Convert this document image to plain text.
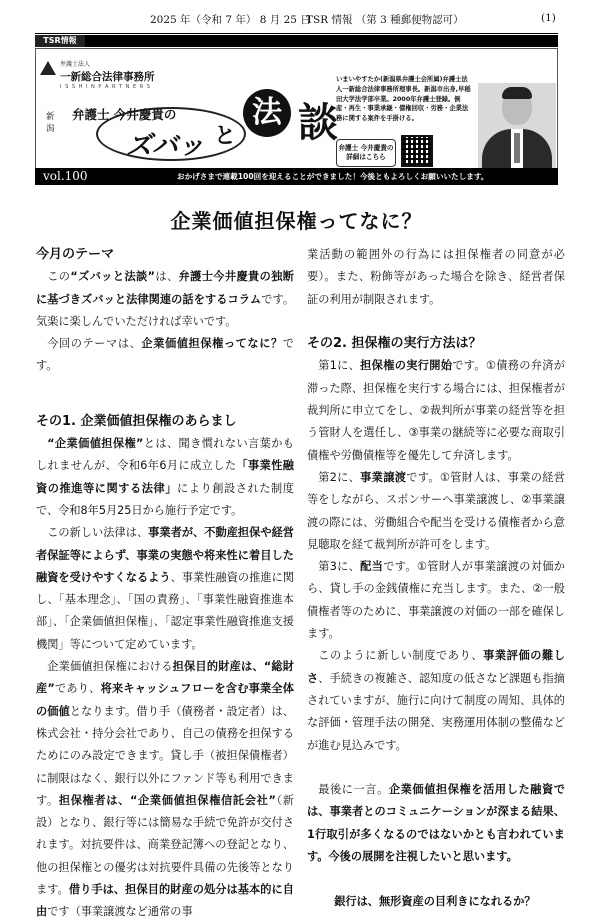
2025 年（令和 7 年） 8 月 25 日
TSR 情報 （第 3 種郵便物認可）	(1)
TSR情報
弁護士法人
一新総合法律事務所
I S S H I N P A R T N E R S
新潟
弁護士 今井慶貴の
ズバッ と
法 談
いまいやすたか(新潟県弁護士会所属)弁護士法人一新総合法律事務所理事長。新潟市出身,早稲田大学法学部卒業。2000年弁護士登録。倒産・再生・事業承継・債権回収・労務・企業法務に関する案件を手掛ける。
弁護士 今井慶貴の 詳細はこちら
vol.100	おかげさまで連載100回を迎えることができました！今後ともよろしくお願いいたします。
企業価値担保権ってなに？
今月のテーマ

この“ズバッと法談”は、弁護士今井慶貴の独断に基づきズバッと法律関連の話をするコラムです。気楽に楽しんでいただければ幸いです。

今回のテーマは、企業価値担保権ってなに？です。

その1. 企業価値担保権のあらまし

“企業価値担保権”とは、聞き慣れない言葉かもしれませんが、令和6年6月に成立した「事業性融資の推進等に関する法律」により創設された制度で、令和8年5月25日から施行予定です。

この新しい法律は、事業者が、不動産担保や経営者保証等によらず、事業の実態や将来性に着目した融資を受けやすくなるよう、事業性融資の推進に関し、「基本理念」、「国の責務」、「事業性融資推進本部」、「企業価値担保権」、「認定事業性融資推進支援機関」等について定めています。

企業価値担保権における担保目的財産は、“総財産”であり、将来キャッシュフローを含む事業全体の価値となります。借り手（債務者・設定者）は、株式会社・持分会社であり、自己の債務を担保するためにのみ設定できます。貸し手（被担保債権者）に制限はなく、銀行以外にファンド等も利用できます。担保権者は、“企業価値担保権信託会社”（新設）となり、銀行等には簡易な手続で免許が交付されます。対抗要件は、商業登記簿への登記となり、他の担保権との優劣は対抗要件具備の先後等となります。借り手は、担保目的財産の処分は基本的に自由です（事業譲渡など通常の事

業活動の範囲外の行為には担保権者の同意が必要）。また、粉飾等があった場合を除き、経営者保証の利用が制限されます。

その2. 担保権の実行方法は？

第1に、担保権の実行開始です。①債務の弁済が滞った際、担保権を実行する場合には、担保権者が裁判所に申立てをし、②裁判所が事業の経営等を担う管財人を選任し、③事業の継続等に必要な商取引債権や労働債権等を優先して弁済します。

第2に、事業譲渡です。①管財人は、事業の経営等をしながら、スポンサーへ事業譲渡し、②事業譲渡の際には、労働組合や配当を受ける債権者から意見聴取を経て裁判所が許可をします。

第3に、配当です。①管財人が事業譲渡の対価から、貸し手の金銭債権に充当します。また、②一般債権者等のために、事業譲渡の対価の一部を確保します。

このように新しい制度であり、事業評価の難しさ、手続きの複雑さ、認知度の低さなど課題も指摘されていますが、施行に向けて制度の周知、具体的な評価・管理手法の開発、実務運用体制の整備などが進む見込みです。

最後に一言。企業価値担保権を活用した融資では、事業者とのコミュニケーションが深まる結果、1行取引が多くなるのではないかとも言われています。今後の展開を注視したいと思います。

銀行は、無形資産の目利きになれるか？
